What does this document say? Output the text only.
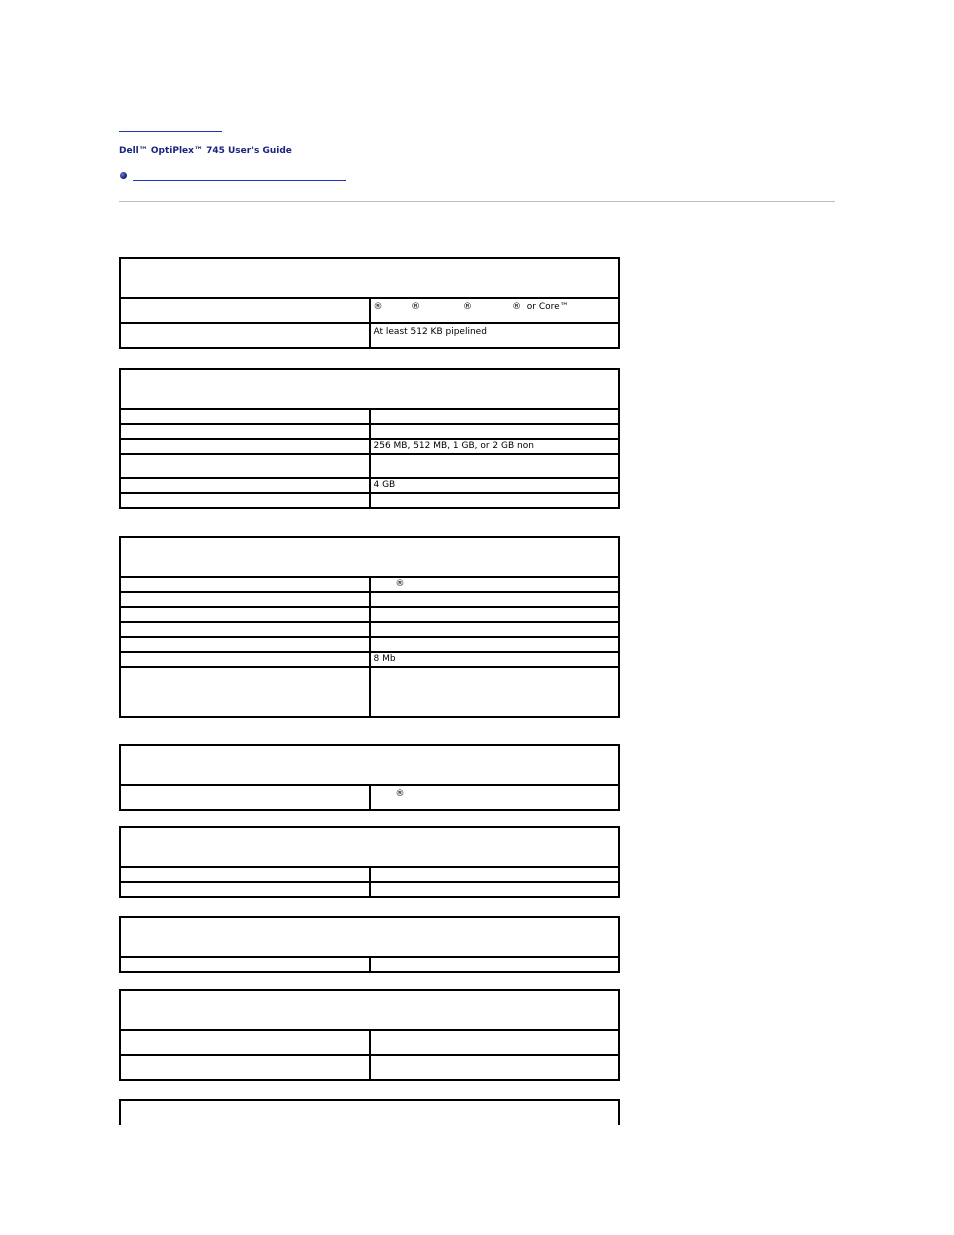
Dell™ OptiPlex™ 745 User's Guide

	®          ®               ®              ®  or Core™
	At least 512 KB pipelined

	256 MB, 512 MB, 1 GB, or 2 GB non

	4 GB

	®

	8 Mb

	®
